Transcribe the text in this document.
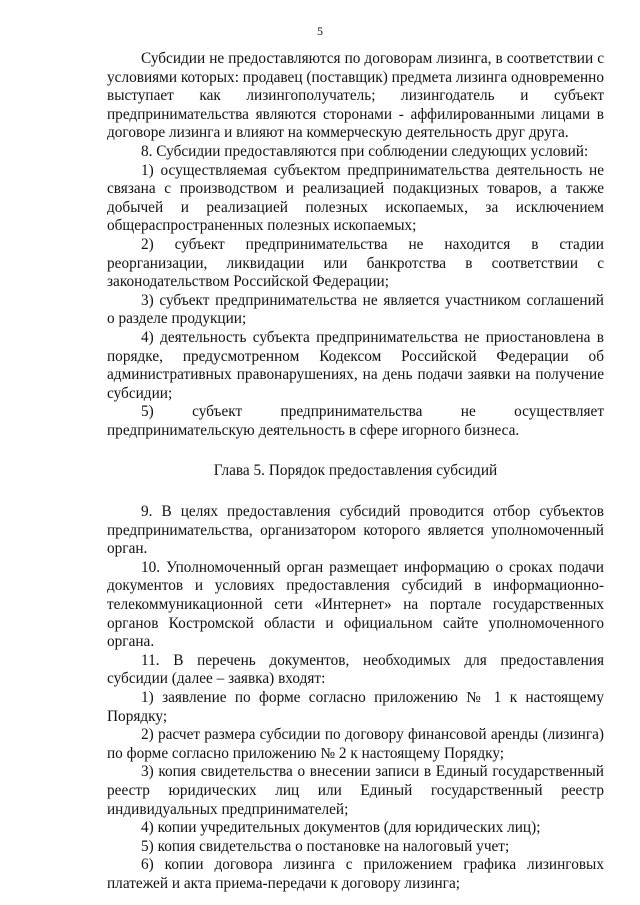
5

Субсидии не предоставляются по договорам лизинга, в соответствии с условиями которых: продавец (поставщик) предмета лизинга одновременно выступает как лизингополучатель; лизингодатель и субъект предпринимательства являются сторонами - аффилированными лицами в договоре лизинга и влияют на коммерческую деятельность друг друга.

8. Субсидии предоставляются при соблюдении следующих условий:

1) осуществляемая субъектом предпринимательства деятельность не связана с производством и реализацией подакцизных товаров, а также добычей и реализацией полезных ископаемых, за исключением общераспространенных полезных ископаемых;

2) субъект предпринимательства не находится в стадии реорганизации, ликвидации или банкротства в соответствии с законодательством Российской Федерации;

3) субъект предпринимательства не является участником соглашений о разделе продукции;

4) деятельность субъекта предпринимательства не приостановлена в порядке, предусмотренном Кодексом Российской Федерации об административных правонарушениях, на день подачи заявки на получение субсидии;

5) субъект предпринимательства не осуществляет предпринимательскую деятельность в сфере игорного бизнеса.

Глава 5. Порядок предоставления субсидий

9. В целях предоставления субсидий проводится отбор субъектов предпринимательства, организатором которого является уполномоченный орган.

10. Уполномоченный орган размещает информацию о сроках подачи документов и условиях предоставления субсидий в информационно-телекоммуникационной сети «Интернет» на портале государственных органов Костромской области и официальном сайте уполномоченного органа.

11. В перечень документов, необходимых для предоставления субсидии (далее – заявка) входят:

1) заявление по форме согласно приложению № 1 к настоящему Порядку;

2) расчет размера субсидии по договору финансовой аренды (лизинга) по форме согласно приложению № 2 к настоящему Порядку;

3) копия свидетельства о внесении записи в Единый государственный реестр юридических лиц или Единый государственный реестр индивидуальных предпринимателей;

4) копии учредительных документов (для юридических лиц);

5) копия свидетельства о постановке на налоговый учет;

6) копии договора лизинга с приложением графика лизинговых платежей и акта приема-передачи к договору лизинга;
